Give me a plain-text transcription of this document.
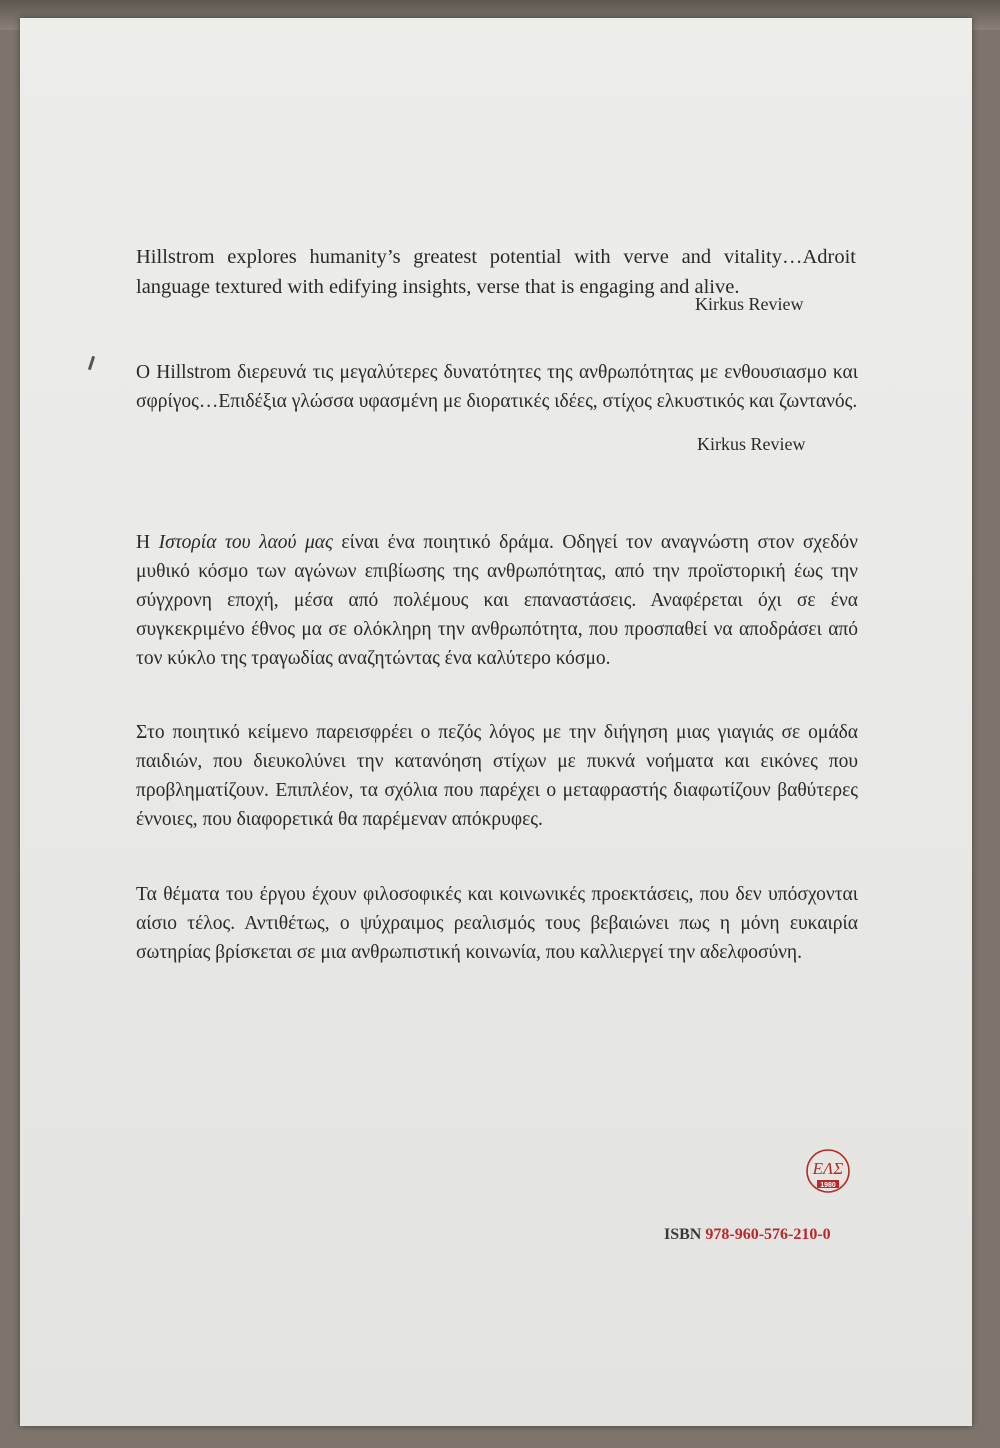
Hillstrom explores humanity’s greatest potential with verve and vitality…Adroit language textured with edifying insights, verse that is engaging and alive.

Kirkus Review

Ο Hillstrom διερευνά τις μεγαλύτερες δυνατότητες της ανθρωπότητας με ενθουσιασμο και σφρίγος…Επιδέξια γλώσσα υφασμένη με διορατικές ιδέες, στίχος ελκυστικός και ζωντανός.

Kirkus Review

Η Ιστορία του λαού μας είναι ένα ποιητικό δράμα. Οδηγεί τον αναγνώστη στον σχεδόν μυθικό κόσμο των αγώνων επιβίωσης της ανθρωπότητας, από την προϊστορική έως την σύγχρονη εποχή, μέσα από πολέμους και επαναστάσεις. Αναφέρεται όχι σε ένα συγκεκριμένο έθνος μα σε ολόκληρη την ανθρωπότητα, που προσπαθεί να αποδράσει από τον κύκλο της τραγωδίας αναζητώντας ένα καλύτερο κόσμο.

Στο ποιητικό κείμενο παρεισφρέει ο πεζός λόγος με την διήγηση μιας γιαγιάς σε ομάδα παιδιών, που διευκολύνει την κατανόηση στίχων με πυκνά νοήματα και εικόνες που προβληματίζουν. Επιπλέον, τα σχόλια που παρέχει ο μεταφραστής διαφωτίζουν βαθύτερες έννοιες, που διαφορετικά θα παρέμεναν απόκρυφες.

Τα θέματα του έργου έχουν φιλοσοφικές και κοινωνικές προεκτάσεις, που δεν υπόσχονται αίσιο τέλος. Αντιθέτως, ο ψύχραιμος ρεαλισμός τους βεβαιώνει πως η μόνη ευκαιρία σωτηρίας βρίσκεται σε μια ανθρωπιστική κοινωνία, που καλλιεργεί την αδελφοσύνη.

ΕΛΣ
1980
ISBN 978-960-576-210-0
